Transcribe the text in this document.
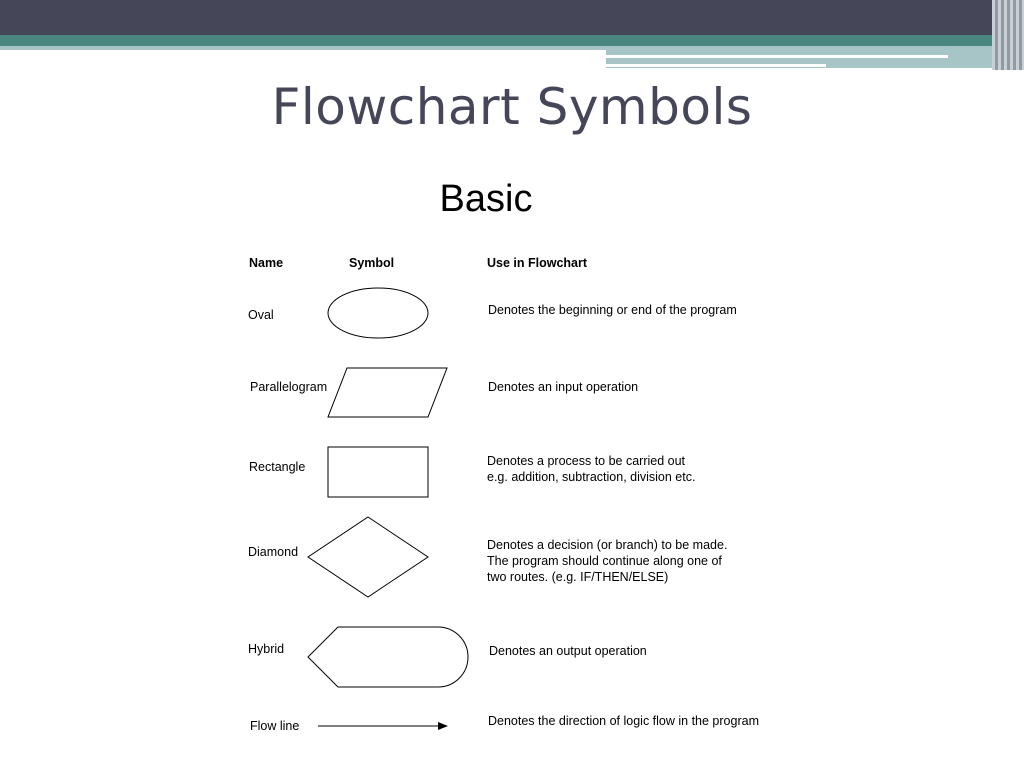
Flowchart Symbols
Basic
Name	Symbol	Use in Flowchart
Oval
Parallelogram
Rectangle
Diamond
Hybrid
Flow line
Denotes the beginning or end of the program
Denotes an input operation
Denotes a process to be carried out
e.g. addition, subtraction, division etc.
Denotes a decision (or branch) to be made.
The program should continue along one of
two routes. (e.g. IF/THEN/ELSE)
Denotes an output operation
Denotes the direction of logic flow in the program
